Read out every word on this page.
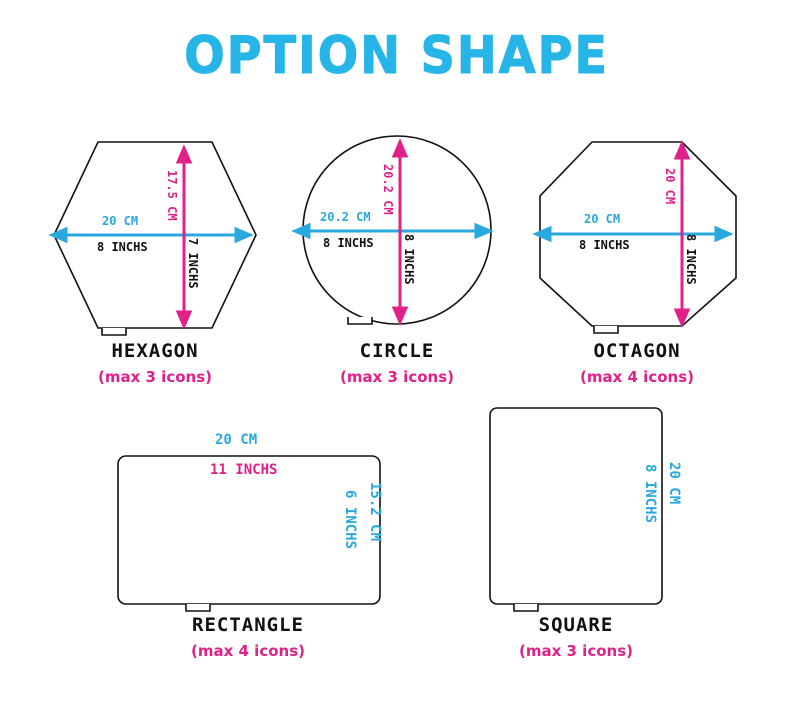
OPTION SHAPE
20 CM
8 INCHS
17.5 CM
7 INCHS
HEXAGON
(max 3 icons)
20.2 CM
8 INCHS
20.2 CM
8 INCHS
CIRCLE
(max 3 icons)
20 CM
8 INCHS
20 CM
8 INCHS
OCTAGON
(max 4 icons)
20 CM
11 INCHS
15.2 CM
6 INCHS
RECTANGLE
(max 4 icons)
20 CM
8 INCHS
SQUARE
(max 3 icons)
